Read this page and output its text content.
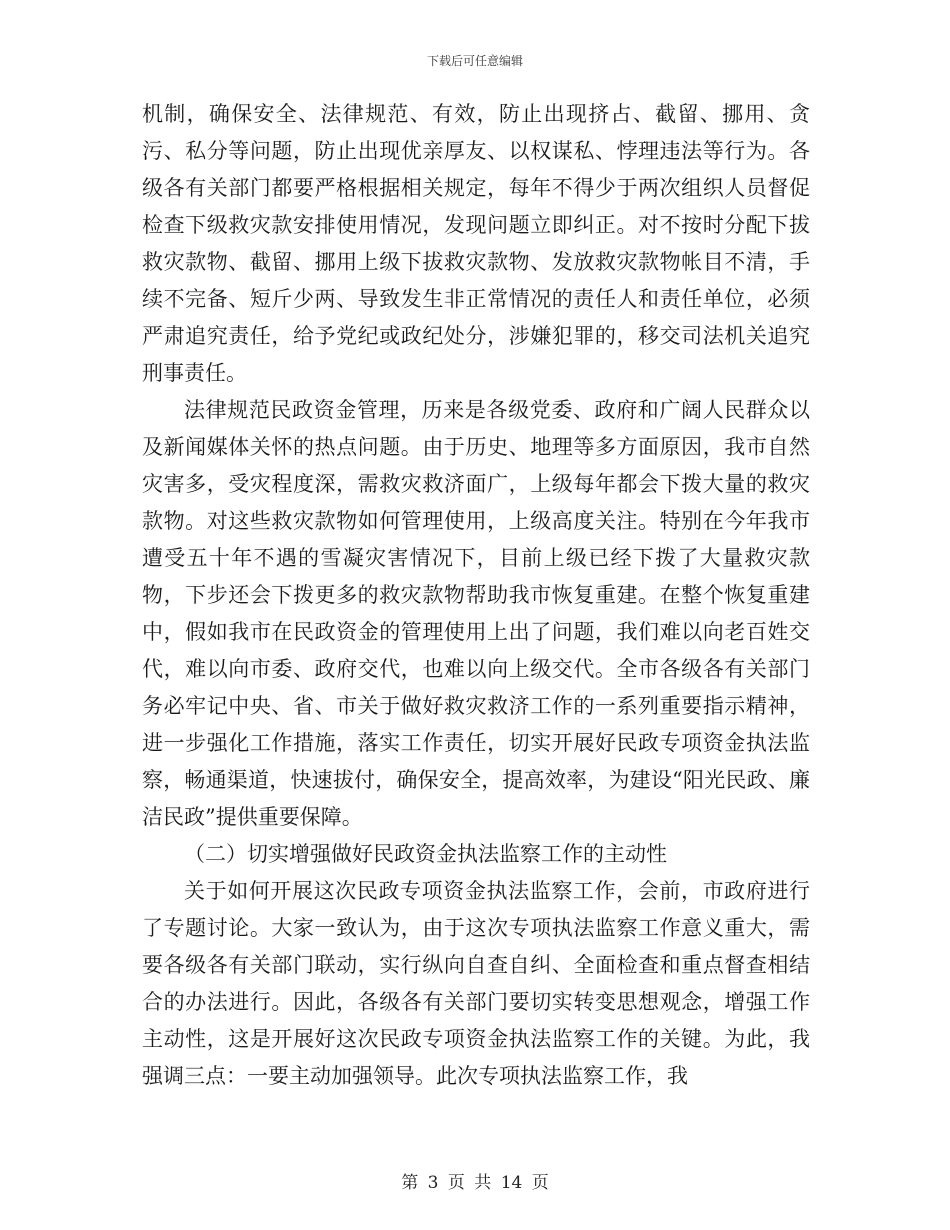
下载后可任意编辑

机制，确保安全、法律规范、有效，防止出现挤占、截留、挪用、贪污、私分等问题，防止出现优亲厚友、以权谋私、悖理违法等行为。各级各有关部门都要严格根据相关规定，每年不得少于两次组织人员督促检查下级救灾款安排使用情况，发现问题立即纠正。对不按时分配下拔救灾款物、截留、挪用上级下拔救灾款物、发放救灾款物帐目不清，手续不完备、短斤少两、导致发生非正常情况的责任人和责任单位，必须严肃追究责任，给予党纪或政纪处分，涉嫌犯罪的，移交司法机关追究刑事责任。

法律规范民政资金管理，历来是各级党委、政府和广阔人民群众以及新闻媒体关怀的热点问题。由于历史、地理等多方面原因，我市自然灾害多，受灾程度深，需救灾救济面广，上级每年都会下拨大量的救灾款物。对这些救灾款物如何管理使用，上级高度关注。特别在今年我市遭受五十年不遇的雪凝灾害情况下，目前上级已经下拨了大量救灾款物，下步还会下拨更多的救灾款物帮助我市恢复重建。在整个恢复重建中，假如我市在民政资金的管理使用上出了问题，我们难以向老百姓交代，难以向市委、政府交代，也难以向上级交代。全市各级各有关部门务必牢记中央、省、市关于做好救灾救济工作的一系列重要指示精神，进一步强化工作措施，落实工作责任，切实开展好民政专项资金执法监察，畅通渠道，快速拔付，确保安全，提高效率，为建设“阳光民政、廉洁民政”提供重要保障。

（二）切实增强做好民政资金执法监察工作的主动性

关于如何开展这次民政专项资金执法监察工作，会前，市政府进行了专题讨论。大家一致认为，由于这次专项执法监察工作意义重大，需要各级各有关部门联动，实行纵向自查自纠、全面检查和重点督查相结合的办法进行。因此，各级各有关部门要切实转变思想观念，增强工作主动性，这是开展好这次民政专项资金执法监察工作的关键。为此，我强调三点：一要主动加强领导。此次专项执法监察工作，我

第 3 页 共 14 页
